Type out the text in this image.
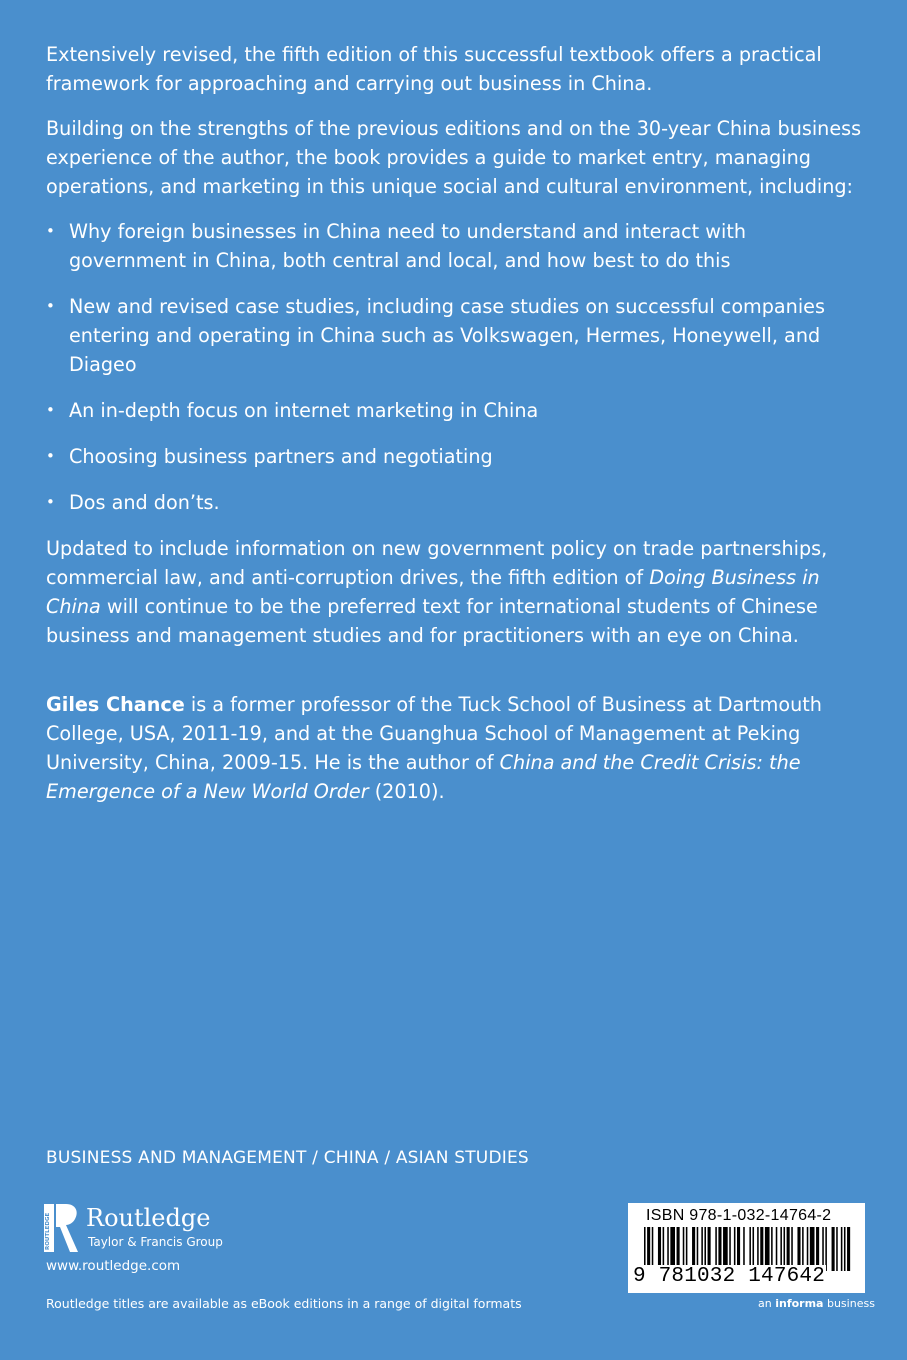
Extensively revised, the fifth edition of this successful textbook offers a practical framework for approaching and carrying out business in China.

Building on the strengths of the previous editions and on the 30-year China business experience of the author, the book provides a guide to market entry, managing operations, and marketing in this unique social and cultural environment, including:

• Why foreign businesses in China need to understand and interact with government in China, both central and local, and how best to do this
• New and revised case studies, including case studies on successful companies entering and operating in China such as Volkswagen, Hermes, Honeywell, and Diageo
• An in-depth focus on internet marketing in China
• Choosing business partners and negotiating
• Dos and don’ts.

Updated to include information on new government policy on trade partnerships, commercial law, and anti-corruption drives, the fifth edition of Doing Business in China will continue to be the preferred text for international students of Chinese business and management studies and for practitioners with an eye on China.

Giles Chance is a former professor of the Tuck School of Business at Dartmouth College, USA, 2011-19, and at the Guanghua School of Management at Peking University, China, 2009-15. He is the author of China and the Credit Crisis: the Emergence of a New World Order (2010).

BUSINESS AND MANAGEMENT / CHINA / ASIAN STUDIES
ROUTLEDGE Routledge
Taylor & Francis Group
www.routledge.com
Routledge titles are available as eBook editions in a range of digital formats
ISBN 978-1-032-14764-2
9 781032 147642
an informa business
